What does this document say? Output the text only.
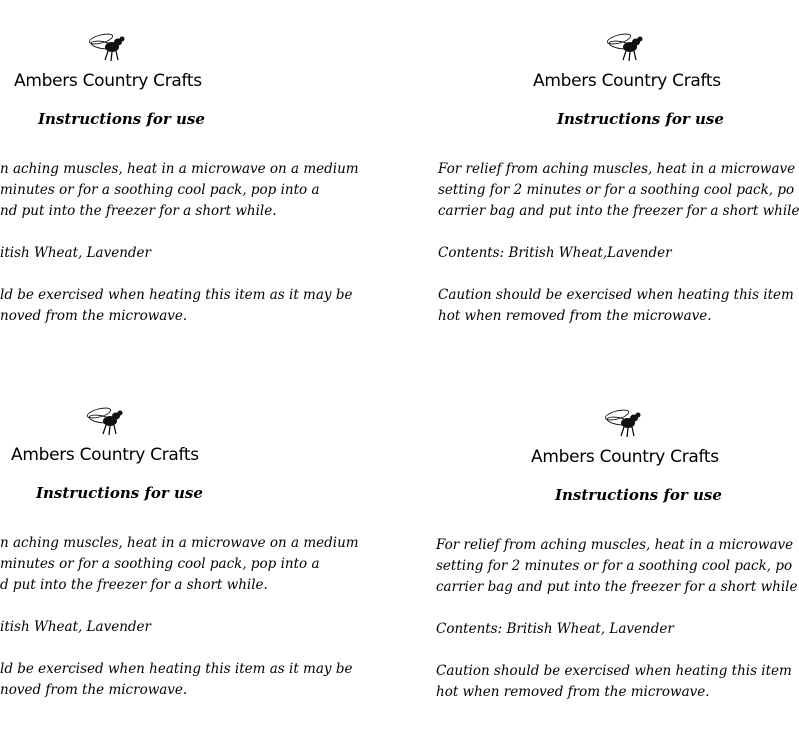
Ambers Country Crafts
Instructions for use

n aching muscles, heat in a microwave on a medium

minutes or for a soothing cool pack, pop into a

nd put into the freezer for a short while.

itish Wheat, Lavender

ld be exercised when heating this item as it may be

noved from the microwave.

Ambers Country Crafts
Instructions for use

For relief from aching muscles, heat in a microwave

setting for 2 minutes or for a soothing cool pack, po

carrier bag and put into the freezer for a short while

Contents: British Wheat,Lavender

Caution should be exercised when heating this item

hot when removed from the microwave.

Ambers Country Crafts
Instructions for use

n aching muscles, heat in a microwave on a medium

minutes or for a soothing cool pack, pop into a

d put into the freezer for a short while.

itish Wheat, Lavender

ld be exercised when heating this item as it may be

noved from the microwave.

Ambers Country Crafts
Instructions for use

For relief from aching muscles, heat in a microwave

setting for 2 minutes or for a soothing cool pack, po

carrier bag and put into the freezer for a short while

Contents: British Wheat, Lavender

Caution should be exercised when heating this item

hot when removed from the microwave.
